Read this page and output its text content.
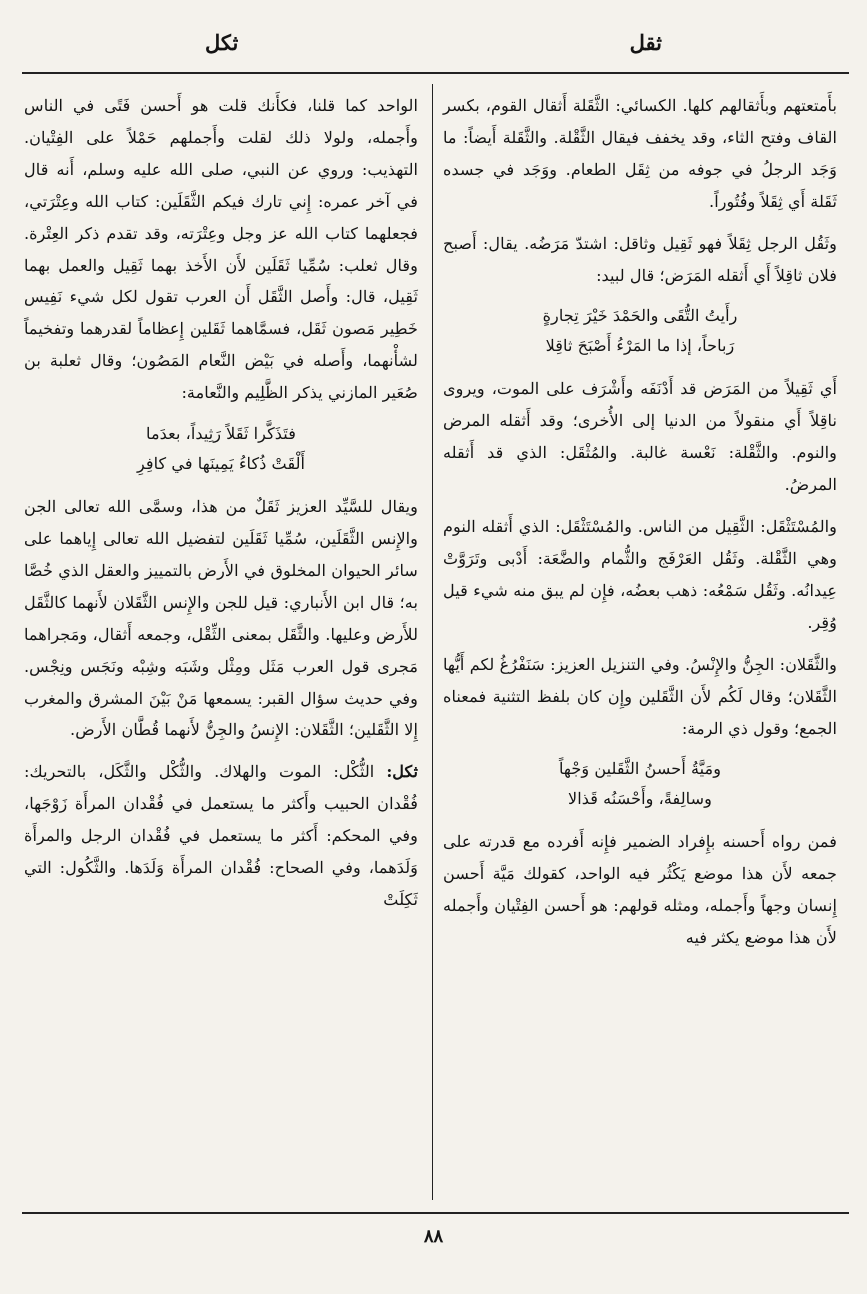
ثقل
ثكل

بأَمتعتهم وبأَثقالهم كلها. الكسائي: الثَّقَلة أَثقال القوم، بكسر القاف وفتح الثاء، وقد يخفف فيقال الثَّقْلة. والثَّقَلة أَيضاً: ما وَجَد الرجلُ في جوفه من ثِقَل الطعام. ووَجَد في جسده ثَقَلة أَي ثِقَلاً وفُتُوراً.

وثَقُل الرجل ثِقَلاً فهو ثَقِيل وثاقل: اشتدّ مَرَضُه. يقال: أَصبح فلان ثاقِلاً أَي أَثقله المَرَض؛ قال لبيد:

رأَيتُ التُّقَى والحَمْدَ خَيْرَ تِجارةٍ
رَباحاً، إذا ما المَرْءُ أَصْبَحَ ثاقِلا

أَي ثَقِيلاً من المَرَض قد أَدْنَفَه وأَشْرَف على الموت، ويروى ناقِلاً أَي منقولاً من الدنيا إلى الأُخرى؛ وقد أَثقله المرض والنوم. والثَّقْلة: نَعْسة غالبة. والمُثْقَل: الذي قد أَثقله المرضُ.

والمُسْتَثْقَل: الثَّقِيل من الناس. والمُسْتَثْقَل: الذي أَثقله النوم وهي الثَّقْلة. وثَقُل العَرْفَج والثُّمام والضَّعَة: أَدْبى وتَرَوَّتْ عِيدانُه. وثَقُل سَمْعُه: ذهب بعضُه، فإِن لم يبق منه شيء قيل وُقِر.

والثَّقَلان: الجِنُّ والإِنْسُ. وفي التنزيل العزيز: سَنَفْرُغُ لكم أَيُّها الثَّقَلان؛ وقال لَكُم لأَن الثَّقَلين وإِن كان بلفظ التثنية فمعناه الجمع؛ وقول ذي الرمة:

ومَيَّةُ أَحسنُ الثَّقَلين وَجْهاً
وسالِفةً، وأَحْسَنُه قَذالا

فمن رواه أَحسنه بإِفراد الضمير فإِنه أَفرده مع قدرته على جمعه لأَن هذا موضع يَكْثُر فيه الواحد، كقولك مَيَّة أَحسن إِنسان وجهاً وأَجمله، ومثله قولهم: هو أَحسن الفِتْيان وأَجمله لأَن هذا موضع يكثر فيه

الواحد كما قلنا، فكأَنك قلت هو أَحسن فَتًى في الناس وأَجمله، ولولا ذلك لقلت وأَجملهم حَمْلاً على الفِتْيان. التهذيب: وروي عن النبي، صلى الله عليه وسلم، أَنه قال في آخر عمره: إِني تارك فيكم الثَّقَلَين: كتاب الله وعِتْرَتي، فجعلهما كتاب الله عز وجل وعِتْرَته، وقد تقدم ذكر العِتْرة. وقال ثعلب: سُمِّيا ثَقَلَين لأَن الأَخذ بهما ثَقِيل والعمل بهما ثَقِيل، قال: وأَصل الثَّقَل أَن العرب تقول لكل شيء نَفِيس خَطِير مَصون ثَقَل، فسمَّاهما ثَقَلين إِعظاماً لقدرهما وتفخيماً لشأْنهما، وأَصله في بَيْض النَّعام المَصُون؛ وقال ثعلبة بن صُعَير المازني يذكر الظَّلِيم والنَّعامة:

فتَذَكَّرا ثَقَلاً رَثِيداً، بعدَما
أَلْقَتْ ذُكاءُ يَمِينَها في كافِرِ

ويقال للسَّيِّد العزيز ثَقَلٌ من هذا، وسمَّى الله تعالى الجن والإِنس الثَّقَلَين، سُمِّيا ثَقَلَين لتفضيل الله تعالى إِياهما على سائر الحيوان المخلوق في الأَرض بالتمييز والعقل الذي خُصَّا به؛ قال ابن الأَنباري: قيل للجن والإِنس الثَّقَلان لأَنهما كالثَّقَل للأَرض وعليها. والثَّقَل بمعنى الثِّقْل، وجمعه أَثقال، ومَجراهما مَجرى قول العرب مَثَل ومِثْل وشَبَه وشِبْه ونَجَس ونِجْس. وفي حديث سؤال القبر: يسمعها مَنْ بَيْنَ المشرق والمغرب إِلا الثَّقَلين؛ الثَّقَلان: الإِنسُ والجِنُّ لأَنهما قُطَّان الأَرض.

ثكل: الثُّكْل: الموت والهلاك. والثُّكْل والثَّكَل، بالتحريك: فُقْدان الحبيب وأَكثر ما يستعمل في فُقْدان المرأَة زَوْجَها، وفي المحكم: أَكثر ما يستعمل في فُقْدان الرجل والمرأَة وَلَدَهما، وفي الصحاح: فُقْدان المرأَة وَلَدَها. والثَّكُول: التي ثَكِلَتْ

٨٨
